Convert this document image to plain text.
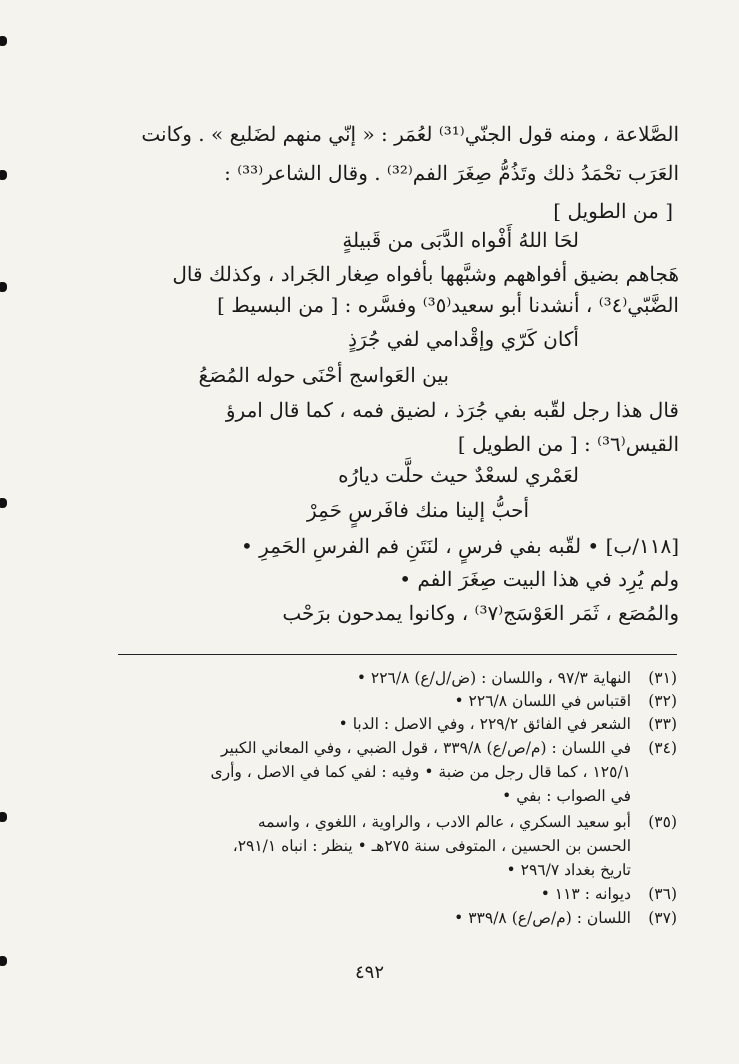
الصَّلاعة ، ومنه قول الجنّي⁽³¹⁾ لعُمَر : « إنّي منهم لضَليع » . وكانت
العَرَب تحْمَدُ ذلك وتَذُمُّ صِغَرَ الفم⁽³²⁾ . وقال الشاعر⁽³³⁾ :
[ من الطويل ]
لحَا اللهُ أَفْواه الدَّبَى من قَبيلةٍ
هَجاهم بضيق أفواههم وشبَّهها بأفواه صِغار الجَراد ، وكذلك قال
الضَّبّي⁽³٤⁾ ، أنشدنا أبو سعيد⁽³٥⁾ وفسَّره : [ من البسيط ]
أكان كَرّي وإقْدامي لفي جُرَذٍ
بين العَواسج أحْنَى حوله المُصَعُ
قال هذا رجل لقّبه بفي جُرَذ ، لضيق فمه ، كما قال امرؤ
القيس⁽³٦⁾ : [ من الطويل ]
لعَمْري لسعْدٌ حيث حلَّت ديارُه
أحبُّ إلينا منك فافَرسٍ حَمِرْ
[١١٨/ب] • لقّبه بفي فرسٍ ، لنَتَنِ فم الفرسِ الحَمِرِ •
ولم يُرِد في هذا البيت صِغَرَ الفم •
والمُصَع ، ثَمَر العَوْسَج⁽³٧⁾ ، وكانوا يمدحون برَحْب
(٣١)
النهاية ٩٧/٣ ، واللسان : (ض/ل/ع) ٢٢٦/٨ •
(٣٢)
اقتباس في اللسان ٢٢٦/٨ •
(٣٣)
الشعر في الفائق ٢٢٩/٢ ، وفي الاصل : الدبا •
(٣٤)
في اللسان : (م/ص/ع) ٣٣٩/٨ ، قول الضبي ، وفي المعاني الكبير
١٢٥/١ ، كما قال رجل من ضبة • وفيه : لفي كما في الاصل ، وأرى
في الصواب : بفي •
(٣٥)
أبو سعيد السكري ، عالم الادب ، والراوية ، اللغوي ، واسمه
الحسن بن الحسين ، المتوفى سنة ٢٧٥هـ • ينظر : انباه ٢٩١/١،
تاريخ بغداد ٢٩٦/٧ •
(٣٦)
ديوانه : ١١٣ •
(٣٧)
اللسان : (م/ص/ع) ٣٣٩/٨ •
٤٩٢
